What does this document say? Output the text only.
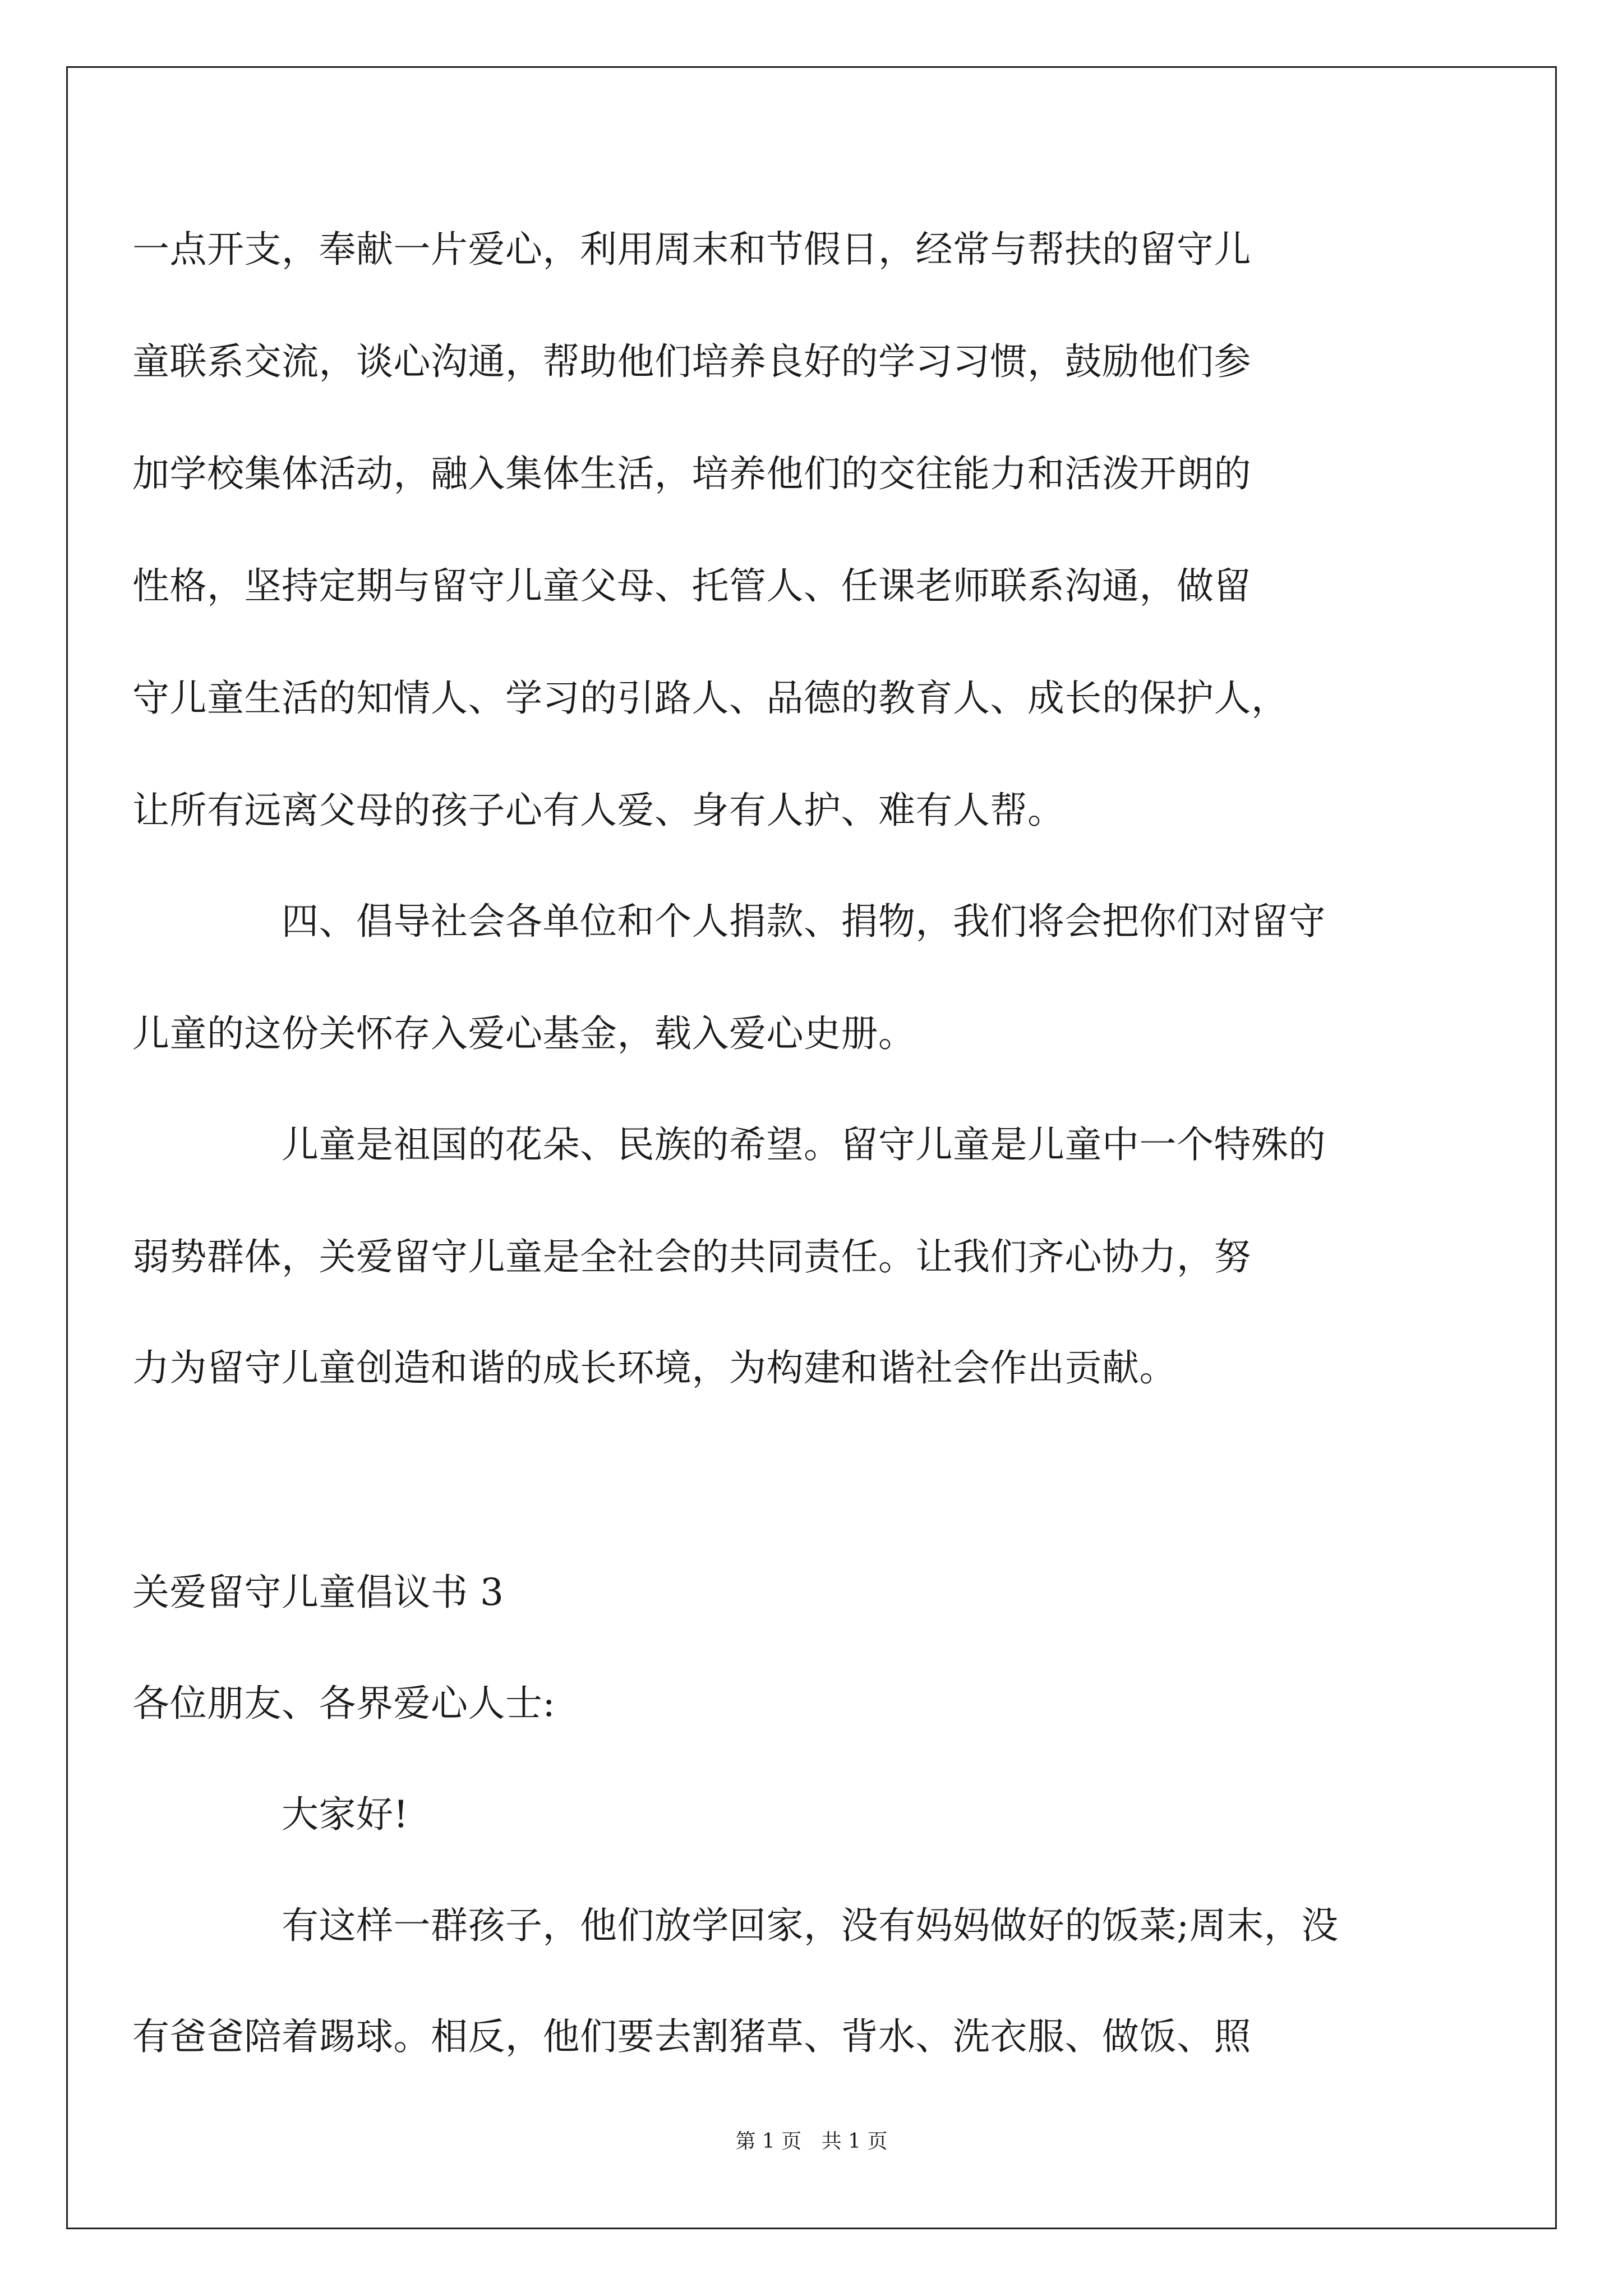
一点开支，奉献一片爱心，利用周末和节假日，经常与帮扶的留守儿
童联系交流，谈心沟通，帮助他们培养良好的学习习惯，鼓励他们参
加学校集体活动，融入集体生活，培养他们的交往能力和活泼开朗的
性格，坚持定期与留守儿童父母、托管人、任课老师联系沟通，做留
守儿童生活的知情人、学习的引路人、品德的教育人、成长的保护人，
让所有远离父母的孩子心有人爱、身有人护、难有人帮。
四、倡导社会各单位和个人捐款、捐物，我们将会把你们对留守
儿童的这份关怀存入爱心基金，载入爱心史册。
儿童是祖国的花朵、民族的希望。留守儿童是儿童中一个特殊的
弱势群体，关爱留守儿童是全社会的共同责任。让我们齐心协力，努
力为留守儿童创造和谐的成长环境，为构建和谐社会作出贡献。
关爱留守儿童倡议书 3
各位朋友、各界爱心人士:
大家好!
有这样一群孩子，他们放学回家，没有妈妈做好的饭菜;周末，没
有爸爸陪着踢球。相反，他们要去割猪草、背水、洗衣服、做饭、照
第 1 页 共 1 页
